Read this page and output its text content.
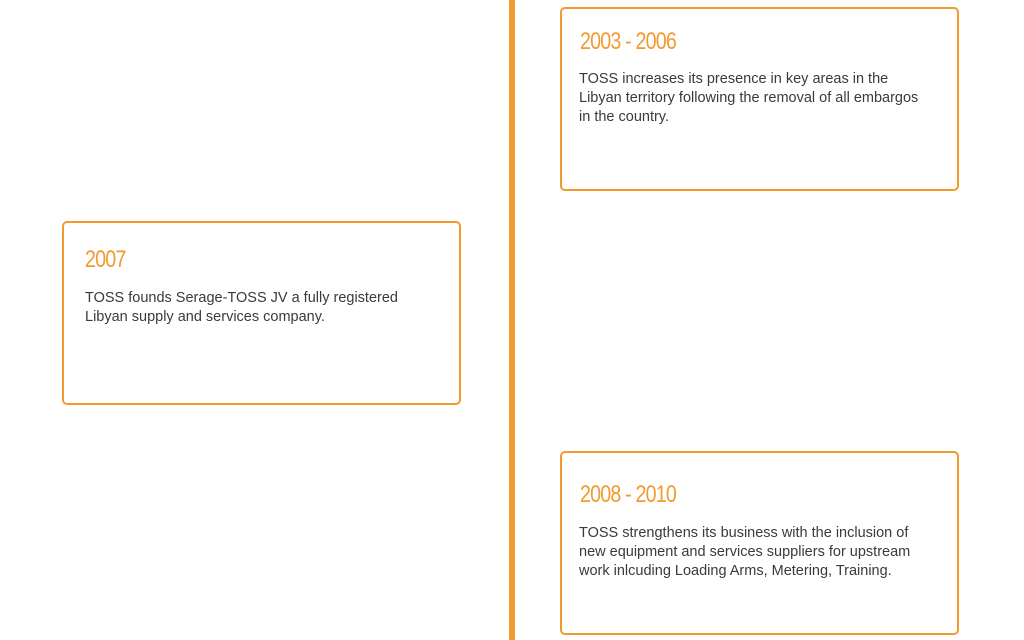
2003 - 2006

TOSS increases its presence in key areas in the Libyan territory following the removal of all embargos in the country.

2007

TOSS founds Serage-TOSS JV a fully registered Libyan supply and services company.

2008 - 2010

TOSS strengthens its business with the inclusion of new equipment and services suppliers for upstream work inlcuding Loading Arms, Metering, Training.
